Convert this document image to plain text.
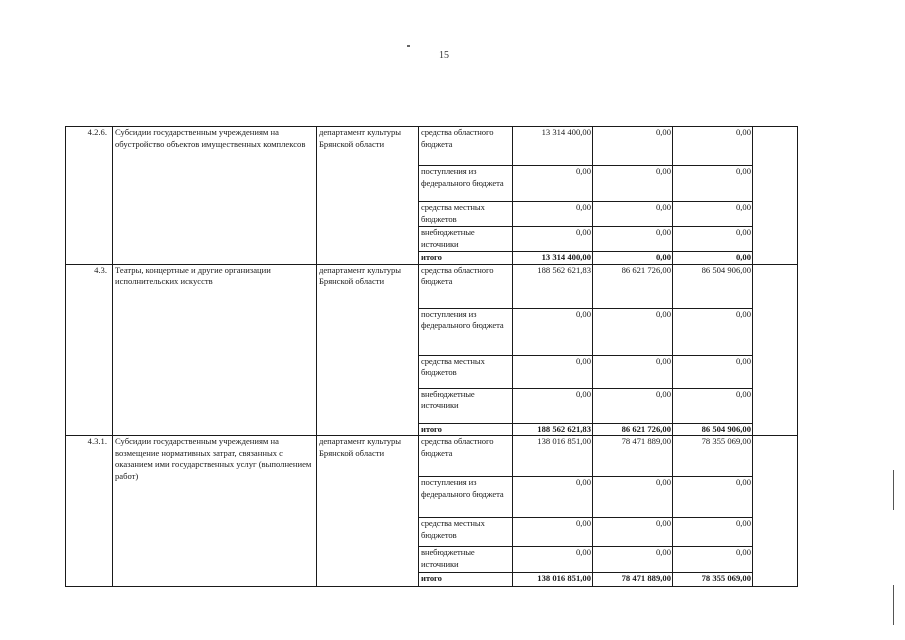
15
4.2.6.	Субсидии государственным учреждениям на обустройство объектов имущественных комплексов	департамент культуры Брянской области	средства областного бюджета	13 314 400,00	0,00	0,00	
			поступления из федерального бюджета	0,00	0,00	0,00	
			средства местных бюджетов	0,00	0,00	0,00	
			внебюджетные источники	0,00	0,00	0,00	
			итого	13 314 400,00	0,00	0,00	
4.3.	Театры, концертные и другие организации исполнительских искусств	департамент культуры Брянской области	средства областного бюджета	188 562 621,83	86 621 726,00	86 504 906,00	
			поступления из федерального бюджета	0,00	0,00	0,00	
			средства местных бюджетов	0,00	0,00	0,00	
			внебюджетные источники	0,00	0,00	0,00	
			итого	188 562 621,83	86 621 726,00	86 504 906,00	
4.3.1.	Субсидии государственным учреждениям на возмещение нормативных затрат, связанных с оказанием ими государственных услуг (выполнением работ)	департамент культуры Брянской области	средства областного бюджета	138 016 851,00	78 471 889,00	78 355 069,00	
			поступления из федерального бюджета	0,00	0,00	0,00	
			средства местных бюджетов	0,00	0,00	0,00	
			внебюджетные источники	0,00	0,00	0,00	
			итого	138 016 851,00	78 471 889,00	78 355 069,00	
